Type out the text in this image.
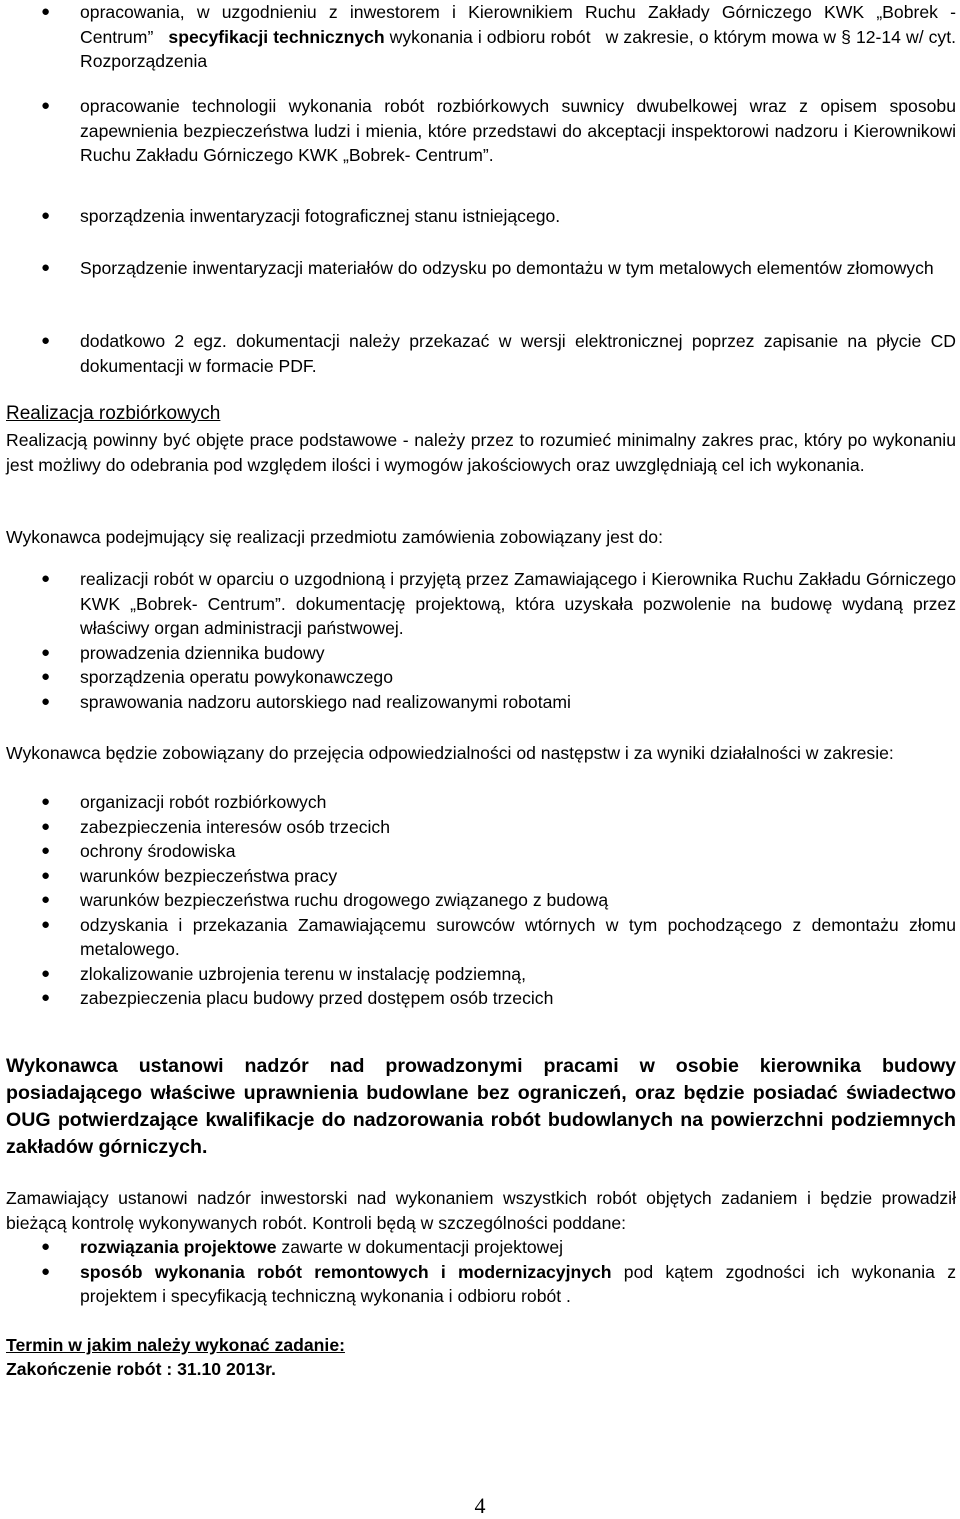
● opracowania, w uzgodnieniu z inwestorem i Kierownikiem Ruchu Zakłady Górniczego KWK „Bobrek - Centrum”   specyfikacji technicznych wykonania i odbioru robót   w zakresie, o którym mowa w § 12-14 w/ cyt. Rozporządzenia
● opracowanie technologii wykonania robót rozbiórkowych suwnicy dwubelkowej wraz z opisem sposobu zapewnienia bezpieczeństwa ludzi i mienia, które przedstawi do akceptacji inspektorowi nadzoru i Kierownikowi Ruchu Zakładu Górniczego KWK „Bobrek- Centrum”.
● sporządzenia inwentaryzacji fotograficznej stanu istniejącego.
● Sporządzenie inwentaryzacji materiałów do odzysku po demontażu w tym metalowych elementów złomowych
● dodatkowo 2 egz. dokumentacji należy przekazać w wersji elektronicznej poprzez zapisanie na płycie CD dokumentacji w formacie PDF.

Realizacja rozbiórkowych

Realizacją powinny być objęte prace podstawowe - należy przez to rozumieć minimalny zakres prac, który po wykonaniu jest możliwy do odebrania pod względem ilości i wymogów jakościowych oraz uwzględniają cel ich wykonania.

Wykonawca podejmujący się realizacji przedmiotu zamówienia zobowiązany jest do:

● realizacji robót w oparciu o uzgodnioną i przyjętą przez Zamawiającego i Kierownika Ruchu Zakładu Górniczego KWK „Bobrek- Centrum”. dokumentację projektową, która uzyskała pozwolenie na budowę wydaną przez właściwy organ administracji państwowej.
● prowadzenia dziennika budowy
● sporządzenia operatu powykonawczego
● sprawowania nadzoru autorskiego nad realizowanymi robotami

Wykonawca będzie zobowiązany do przejęcia odpowiedzialności od następstw i za wyniki działalności w zakresie:

● organizacji robót rozbiórkowych
● zabezpieczenia interesów osób trzecich
● ochrony środowiska
● warunków bezpieczeństwa pracy
● warunków bezpieczeństwa ruchu drogowego związanego z budową
● odzyskania i przekazania Zamawiającemu surowców wtórnych w tym pochodzącego z demontażu złomu metalowego.
● zlokalizowanie uzbrojenia terenu w instalację podziemną,
● zabezpieczenia placu budowy przed dostępem osób trzecich

Wykonawca ustanowi nadzór nad prowadzonymi pracami w osobie kierownika budowy posiadającego właściwe uprawnienia budowlane bez ograniczeń, oraz będzie posiadać świadectwo OUG potwierdzające kwalifikacje do nadzorowania robót budowlanych na powierzchni podziemnych zakładów górniczych.

Zamawiający ustanowi nadzór inwestorski nad wykonaniem wszystkich robót objętych zadaniem i będzie prowadził bieżącą kontrolę wykonywanych robót. Kontroli będą w szczególności poddane:

● rozwiązania projektowe zawarte w dokumentacji projektowej
● sposób wykonania robót remontowych i modernizacyjnych pod kątem zgodności ich wykonania z projektem i specyfikacją techniczną wykonania i odbioru robót .

Termin w jakim należy wykonać zadanie:

Zakończenie robót : 31.10 2013r.

4
